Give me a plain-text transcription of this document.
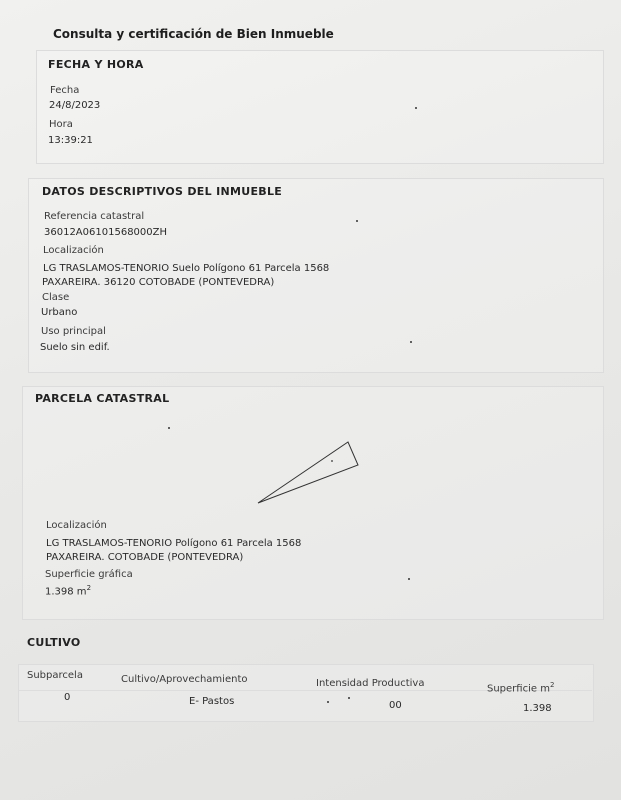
Consulta y certificación de Bien Inmueble
FECHA Y HORA
Fecha
24/8/2023
Hora
13:39:21
DATOS DESCRIPTIVOS DEL INMUEBLE
Referencia catastral
36012A06101568000ZH
Localización
LG TRASLAMOS-TENORIO Suelo Polígono 61 Parcela 1568
PAXAREIRA. 36120 COTOBADE (PONTEVEDRA)
Clase
Urbano
Uso principal
Suelo sin edif.
PARCELA CATASTRAL
Localización
LG TRASLAMOS-TENORIO Polígono 61 Parcela 1568
PAXAREIRA. COTOBADE (PONTEVEDRA)
Superficie gráfica
1.398 $m^2$
CULTIVO
Subparcela	Cultivo/Aprovechamiento	Intensidad Productiva	Superficie $m^2$
0	E- Pastos	00	1.398
